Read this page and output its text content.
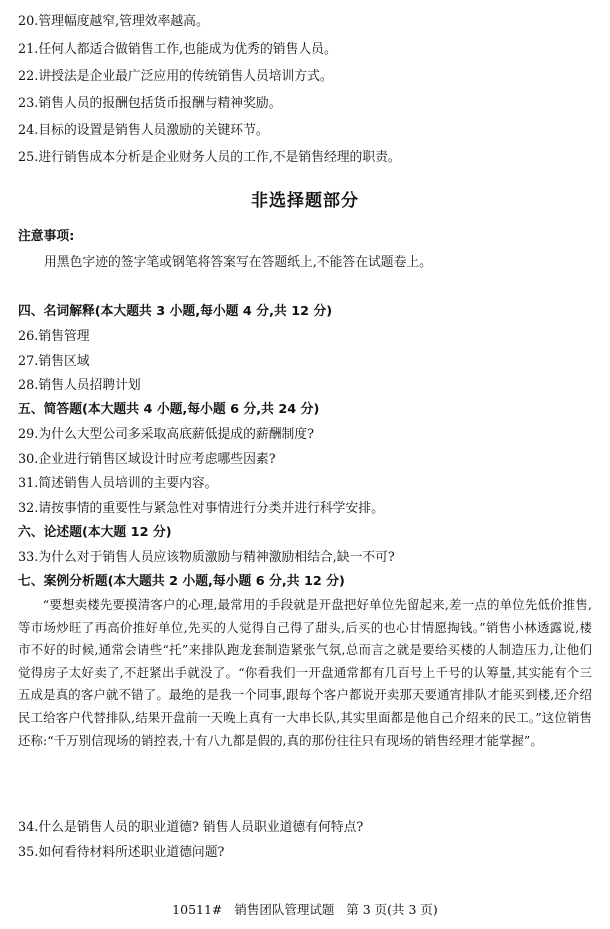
20.管理幅度越窄,管理效率越高。
21.任何人都适合做销售工作,也能成为优秀的销售人员。
22.讲授法是企业最广泛应用的传统销售人员培训方式。
23.销售人员的报酬包括货币报酬与精神奖励。
24.目标的设置是销售人员激励的关键环节。
25.进行销售成本分析是企业财务人员的工作,不是销售经理的职责。
非选择题部分
注意事项:
用黑色字迹的签字笔或钢笔将答案写在答题纸上,不能答在试题卷上。
四、名词解释(本大题共 3 小题,每小题 4 分,共 12 分)
26.销售管理
27.销售区域
28.销售人员招聘计划
五、简答题(本大题共 4 小题,每小题 6 分,共 24 分)
29.为什么大型公司多采取高底薪低提成的薪酬制度?
30.企业进行销售区域设计时应考虑哪些因素?
31.简述销售人员培训的主要内容。
32.请按事情的重要性与紧急性对事情进行分类并进行科学安排。
六、论述题(本大题 12 分)
33.为什么对于销售人员应该物质激励与精神激励相结合,缺一不可?
七、案例分析题(本大题共 2 小题,每小题 6 分,共 12 分)
“要想卖楼先要摸清客户的心理,最常用的手段就是开盘把好单位先留起来,差一点的单位先低价推售,等市场炒旺了再高价推好单位,先买的人觉得自己得了甜头,后买的也心甘情愿掏钱。”销售小林透露说,楼市不好的时候,通常会请些“托”来排队跑龙套制造紧张气氛,总而言之就是要给买楼的人制造压力,让他们觉得房子太好卖了,不赶紧出手就没了。“你看我们一开盘通常都有几百号上千号的认筹量,其实能有个三五成是真的客户就不错了。最绝的是我一个同事,跟每个客户都说开卖那天要通宵排队才能买到楼,还介绍民工给客户代替排队,结果开盘前一天晚上真有一大串长队,其实里面都是他自己介绍来的民工。”这位销售还称:“千万别信现场的销控表,十有八九都是假的,真的那份往往只有现场的销售经理才能掌握”。
34.什么是销售人员的职业道德? 销售人员职业道德有何特点?
35.如何看待材料所述职业道德问题?
10511#   销售团队管理试题   第 3 页(共 3 页)
